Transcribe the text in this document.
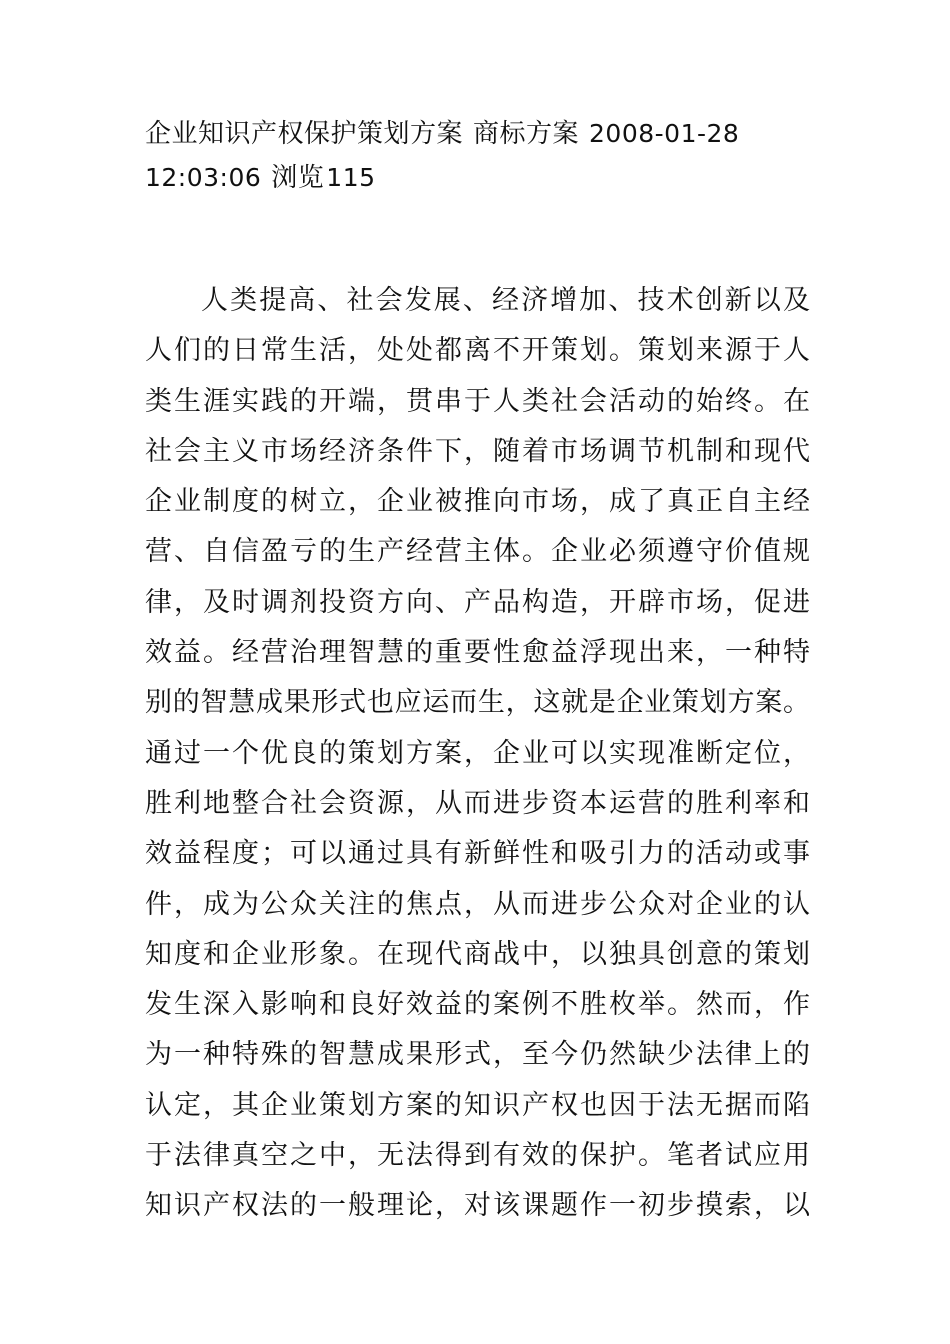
企业知识产权保护策划方案 商标方案 2008-01-28
12:03:06 浏览115
人类提高、社会发展、经济增加、技术创新以及
人们的日常生活，处处都离不开策划。策划来源于人
类生涯实践的开端，贯串于人类社会活动的始终。在
社会主义市场经济条件下，随着市场调节机制和现代
企业制度的树立，企业被推向市场，成了真正自主经
营、自信盈亏的生产经营主体。企业必须遵守价值规
律，及时调剂投资方向、产品构造，开辟市场，促进
效益。经营治理智慧的重要性愈益浮现出来，一种特
别的智慧成果形式也应运而生，这就是企业策划方案。
通过一个优良的策划方案，企业可以实现准断定位，
胜利地整合社会资源，从而进步资本运营的胜利率和
效益程度；可以通过具有新鲜性和吸引力的活动或事
件，成为公众关注的焦点，从而进步公众对企业的认
知度和企业形象。在现代商战中，以独具创意的策划
发生深入影响和良好效益的案例不胜枚举。然而，作
为一种特殊的智慧成果形式，至今仍然缺少法律上的
认定，其企业策划方案的知识产权也因于法无据而陷
于法律真空之中，无法得到有效的保护。笔者试应用
知识产权法的一般理论，对该课题作一初步摸索，以
